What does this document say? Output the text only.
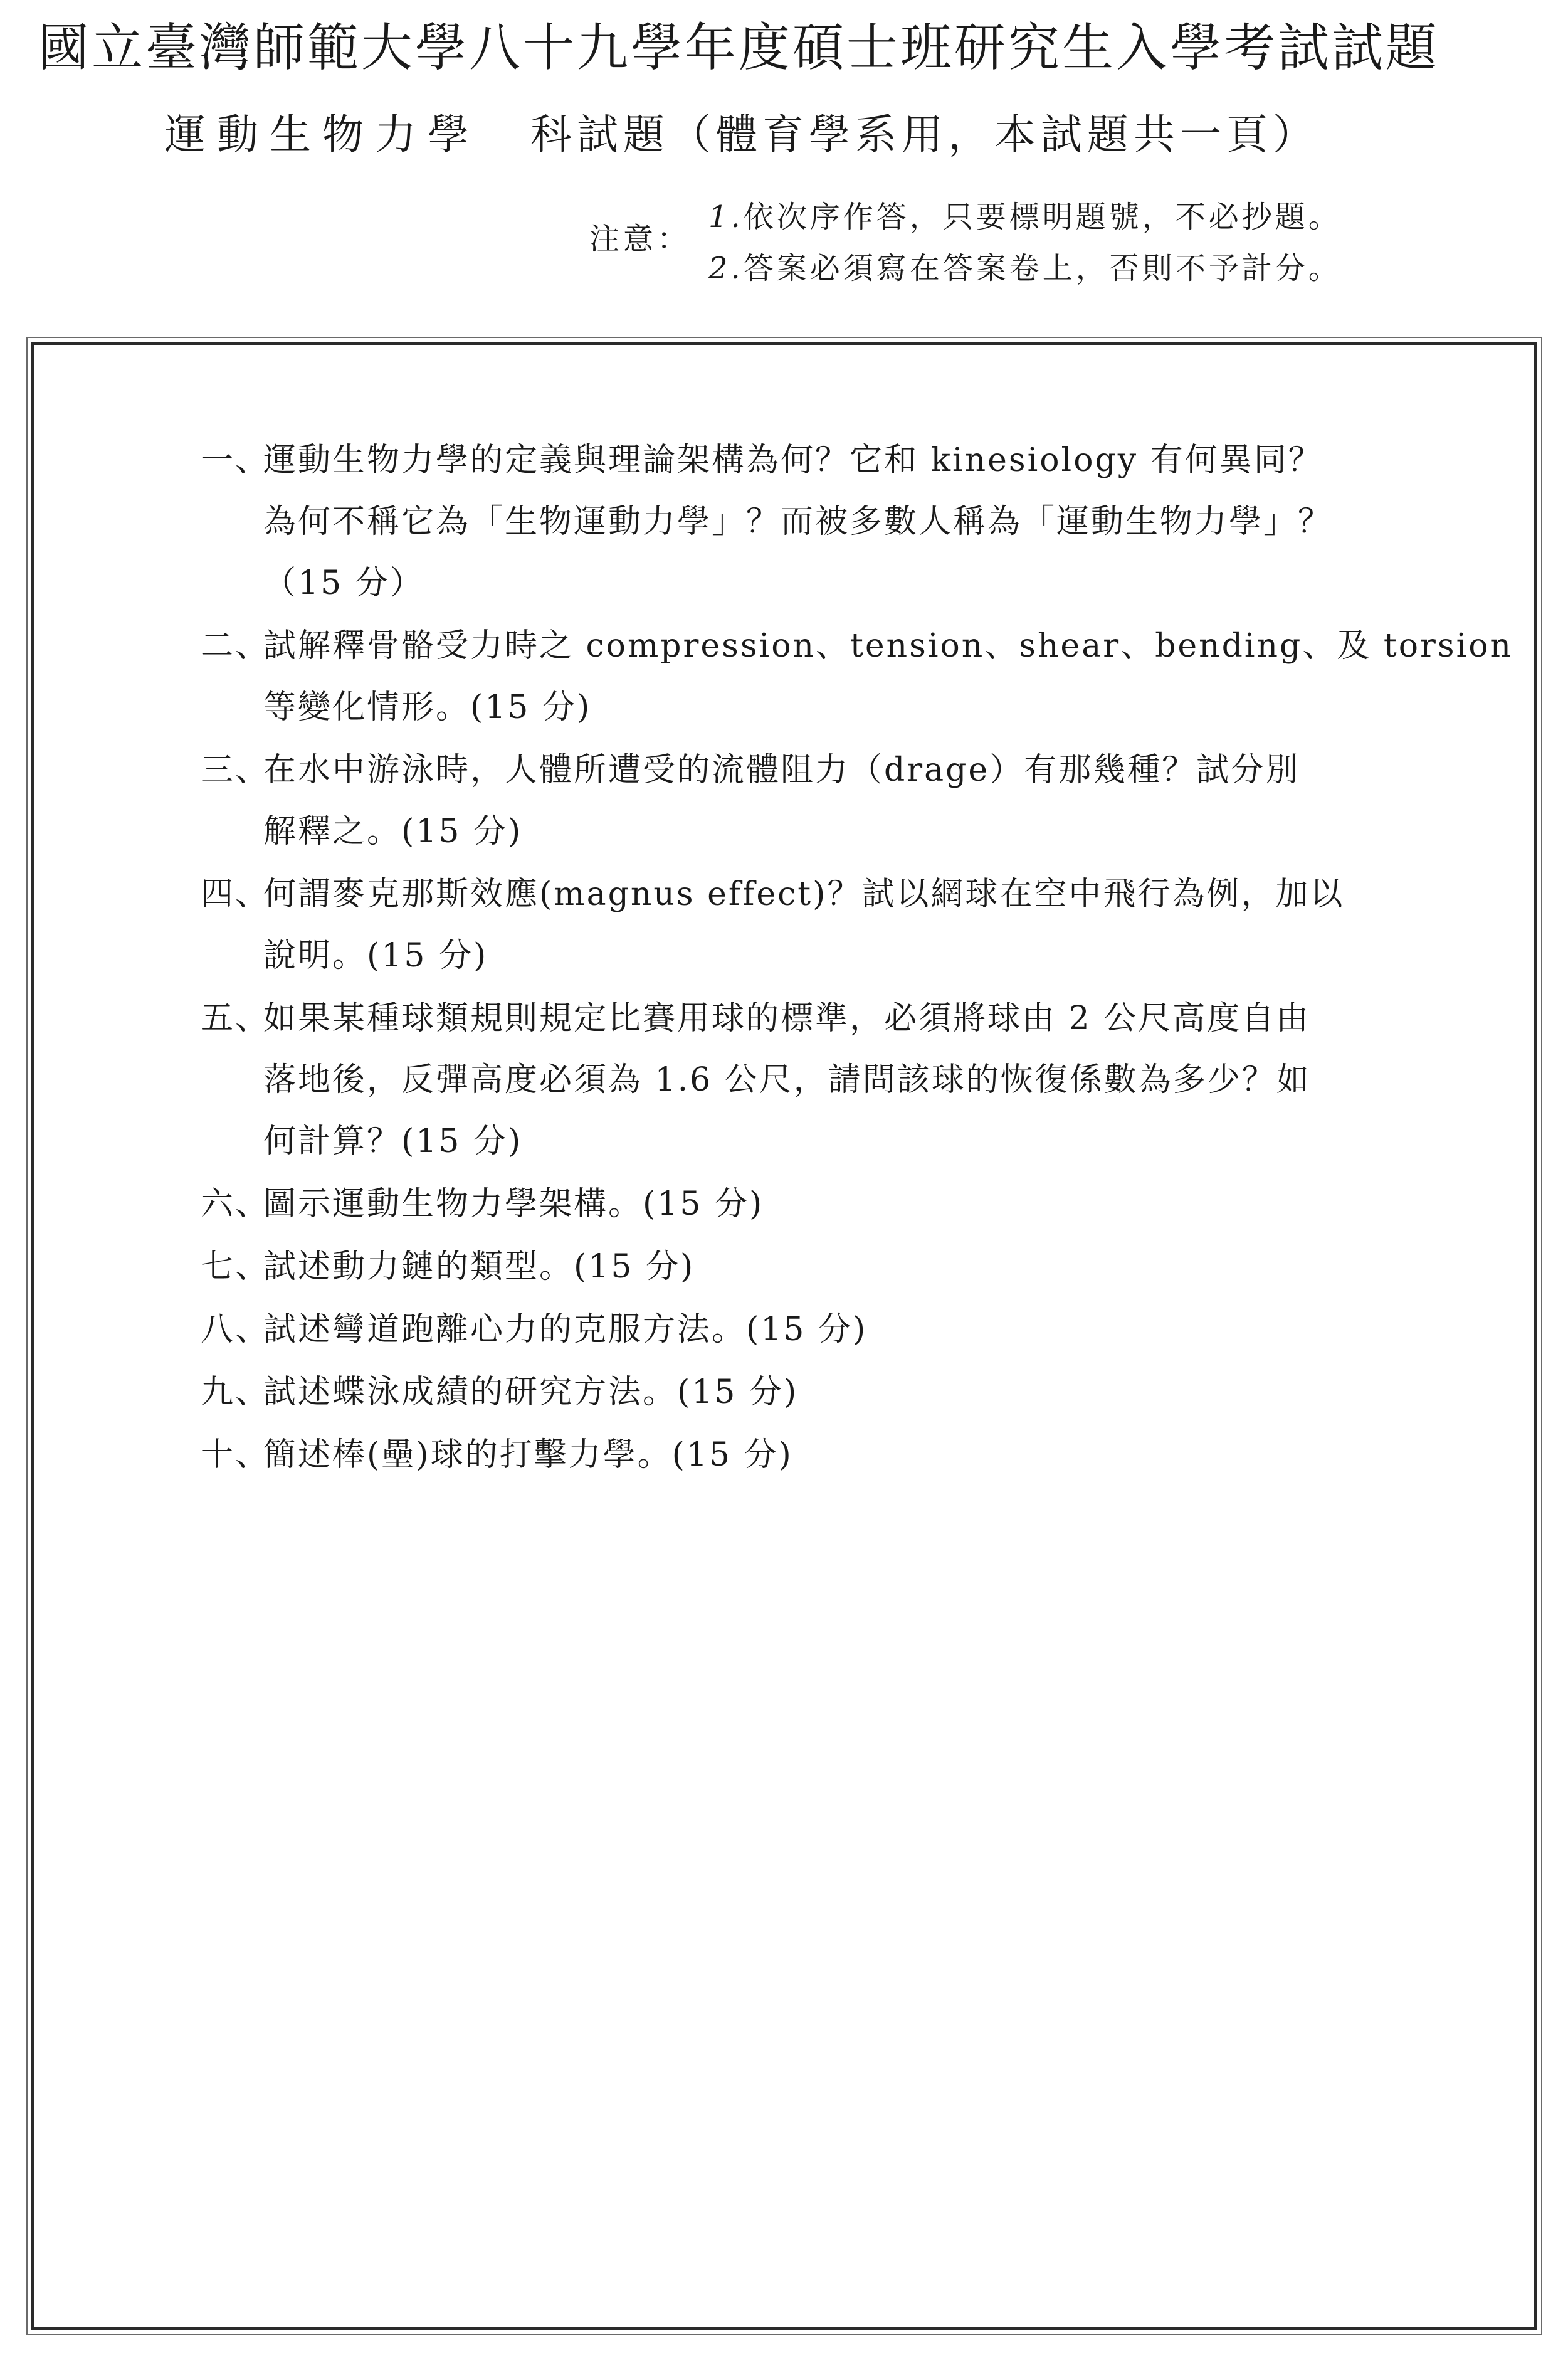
國立臺灣師範大學八十九學年度碩士班研究生入學考試試題
運動生物力學 科試題（體育學系用，本試題共一頁）
注意：
1.依次序作答，只要標明題號，不必抄題。
2.答案必須寫在答案卷上，否則不予計分。
一、
運動生物力學的定義與理論架構為何？它和 kinesiology 有何異同？
為何不稱它為「生物運動力學」？而被多數人稱為「運動生物力學」？
（15 分）
二、
試解釋骨骼受力時之 compression、tension、shear、bending、及 torsion
等變化情形。(15 分)
三、
在水中游泳時，人體所遭受的流體阻力（drage）有那幾種？試分別
解釋之。(15 分)
四、
何謂麥克那斯效應(magnus effect)？試以網球在空中飛行為例，加以
說明。(15 分)
五、
如果某種球類規則規定比賽用球的標準，必須將球由 2 公尺高度自由
落地後，反彈高度必須為 1.6 公尺，請問該球的恢復係數為多少？如
何計算？(15 分)
六、
圖示運動生物力學架構。(15 分)
七、
試述動力鏈的類型。(15 分)
八、
試述彎道跑離心力的克服方法。(15 分)
九、
試述蝶泳成績的研究方法。(15 分)
十、
簡述棒(壘)球的打擊力學。(15 分)
